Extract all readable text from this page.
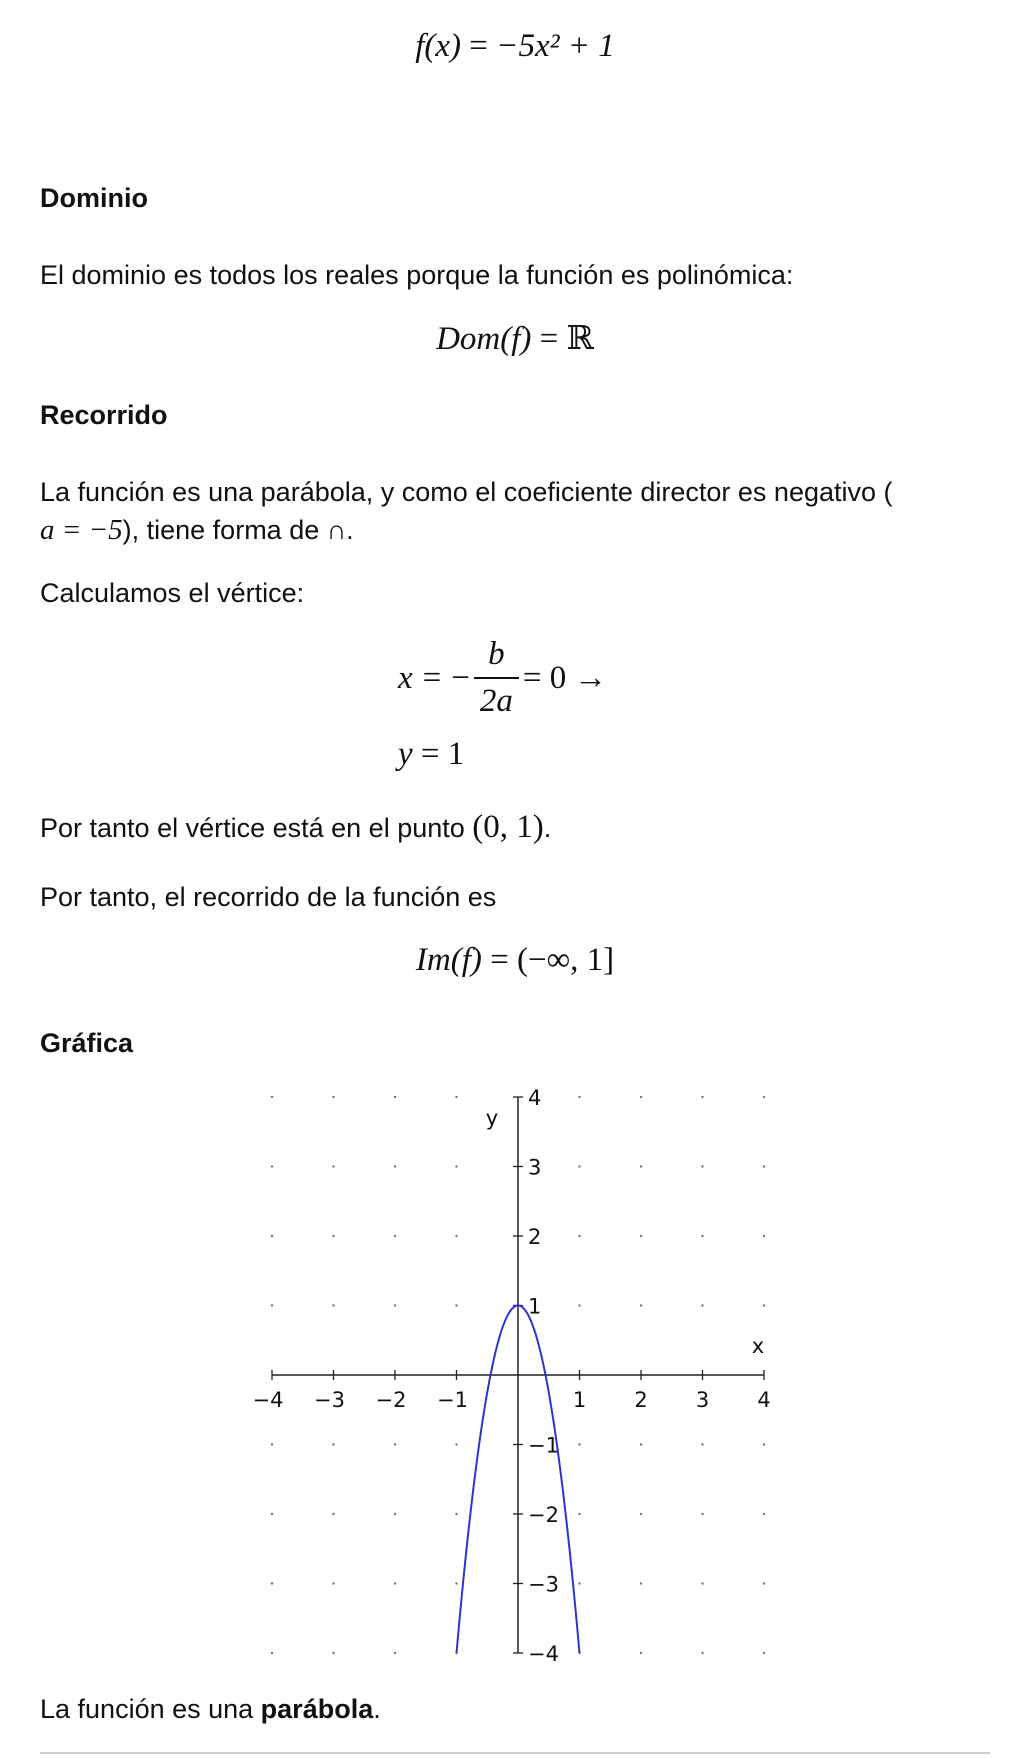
f(x) = −5x² + 1
Dominio
El dominio es todos los reales porque la función es polinómica:
Dom(f) = ℝ
Recorrido
La función es una parábola, y como el coeficiente director es negativo (
a = −5), tiene forma de ∩.
Calculamos el vértice:
x = − $\frac{b}{2a} = 0$ →
y = 1
Por tanto el vértice está en el punto (0, 1).
Por tanto, el recorrido de la función es
Im(f) = (−∞, 1]
Gráfica
−4 −3 −2 −1	1 2 3 4
4
3
2
1
−1
−2
−3
−4
x
y
La función es una parábola.
